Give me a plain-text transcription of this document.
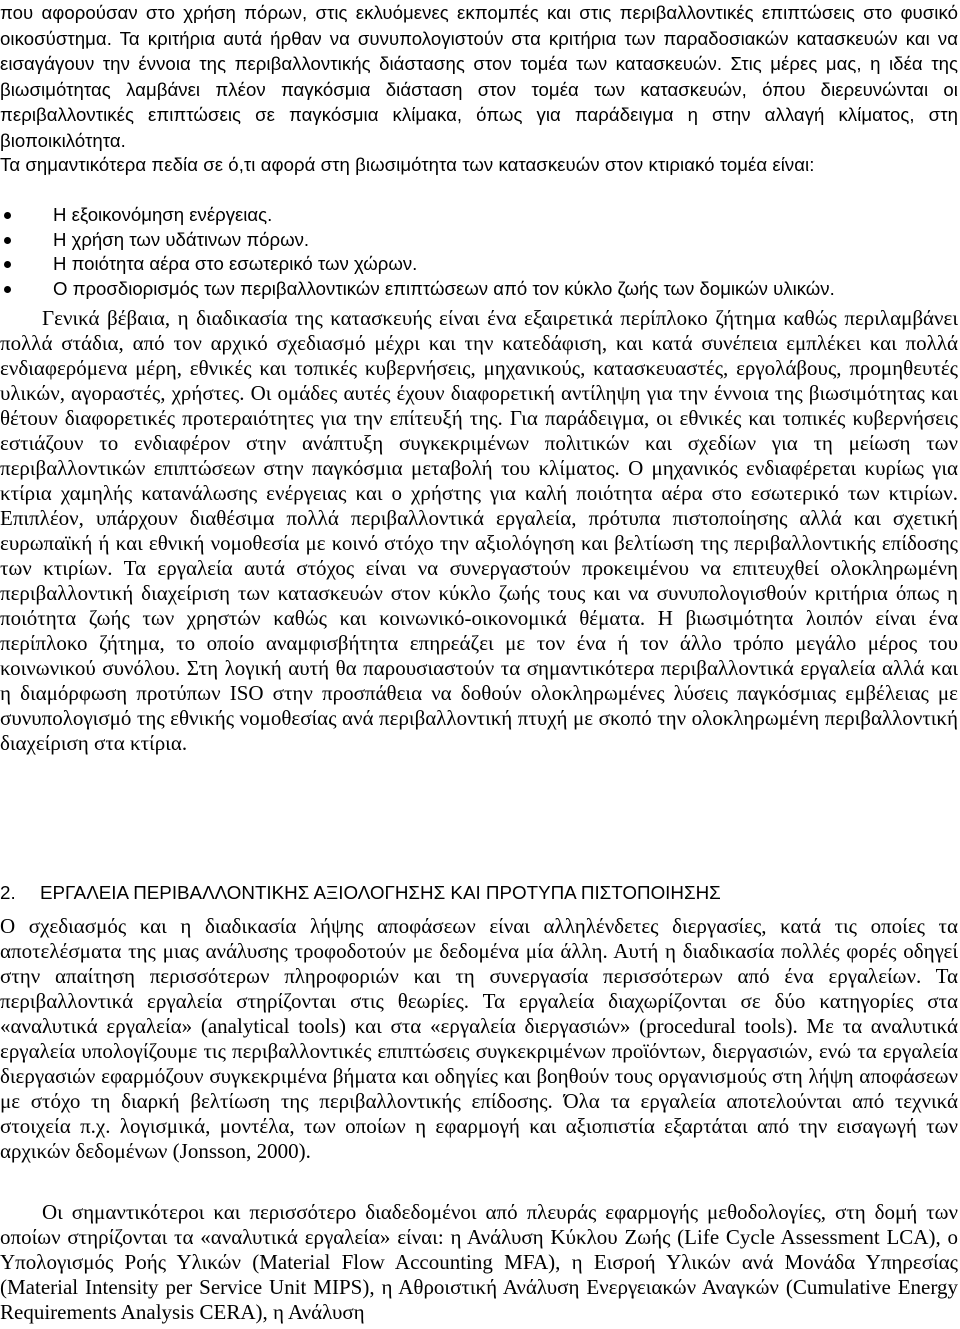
που αφορούσαν στο χρήση πόρων, στις εκλυόμενες εκπομπές και στις περιβαλλοντικές επιπτώσεις στο φυσικό οικοσύστημα. Τα κριτήρια αυτά ήρθαν να συνυπολογιστούν στα κριτήρια των παραδοσιακών κατασκευών και να εισαγάγουν την έννοια της περιβαλλοντικής διάστασης στον τομέα των κατασκευών. Στις μέρες μας, η ιδέα της βιωσιμότητας λαμβάνει πλέον παγκόσμια διάσταση στον τομέα των κατασκευών, όπου διερευνώνται οι περιβαλλοντικές επιπτώσεις σε παγκόσμια κλίμακα, όπως για παράδειγμα η στην αλλαγή κλίματος, στη βιοποικιλότητα.

Τα σημαντικότερα πεδία σε ό,τι αφορά στη βιωσιμότητα των κατασκευών στον κτιριακό τομέα είναι:

Η εξοικονόμηση ενέργειας.
Η χρήση των υδάτινων πόρων.
Η ποιότητα αέρα στο εσωτερικό των χώρων.
Ο προσδιορισμός των περιβαλλοντικών επιπτώσεων από τον κύκλο ζωής των δομικών υλικών.

Γενικά βέβαια, η διαδικασία της κατασκευής είναι ένα εξαιρετικά περίπλοκο ζήτημα καθώς περιλαμβάνει πολλά στάδια, από τον αρχικό σχεδιασμό μέχρι και την κατεδάφιση, και κατά συνέπεια εμπλέκει και πολλά ενδιαφερόμενα μέρη, εθνικές και τοπικές κυβερνήσεις, μηχανικούς, κατασκευαστές, εργολάβους, προμηθευτές υλικών, αγοραστές, χρήστες. Οι ομάδες αυτές έχουν διαφορετική αντίληψη για την έννοια της βιωσιμότητας και θέτουν διαφορετικές προτεραιότητες για την επίτευξή της. Για παράδειγμα, οι εθνικές και τοπικές κυβερνήσεις εστιάζουν το ενδιαφέρον στην ανάπτυξη συγκεκριμένων πολιτικών και σχεδίων για τη μείωση των περιβαλλοντικών επιπτώσεων στην παγκόσμια μεταβολή του κλίματος. Ο μηχανικός ενδιαφέρεται κυρίως για κτίρια χαμηλής κατανάλωσης ενέργειας και ο χρήστης για καλή ποιότητα αέρα στο εσωτερικό των κτιρίων. Επιπλέον, υπάρχουν διαθέσιμα πολλά περιβαλλοντικά εργαλεία, πρότυπα πιστοποίησης αλλά και σχετική ευρωπαϊκή ή και εθνική νομοθεσία με κοινό στόχο την αξιολόγηση και βελτίωση της περιβαλλοντικής επίδοσης των κτιρίων. Τα εργαλεία αυτά στόχος είναι να συνεργαστούν προκειμένου να επιτευχθεί ολοκληρωμένη περιβαλλοντική διαχείριση των κατασκευών στον κύκλο ζωής τους και να συνυπολογισθούν κριτήρια όπως η ποιότητα ζωής των χρηστών καθώς και κοινωνικό-οικονομικά θέματα. Η βιωσιμότητα λοιπόν είναι ένα περίπλοκο ζήτημα, το οποίο αναμφισβήτητα επηρεάζει με τον ένα ή τον άλλο τρόπο μεγάλο μέρος του κοινωνικού συνόλου. Στη λογική αυτή θα παρουσιαστούν τα σημαντικότερα περιβαλλοντικά εργαλεία αλλά και η διαμόρφωση προτύπων ISO στην προσπάθεια να δοθούν ολοκληρωμένες λύσεις παγκόσμιας εμβέλειας με συνυπολογισμό της εθνικής νομοθεσίας ανά περιβαλλοντική πτυχή με σκοπό την ολοκληρωμένη περιβαλλοντική διαχείριση στα κτίρια.

2. ΕΡΓΑΛΕΙΑ ΠΕΡΙΒΑΛΛΟΝΤΙΚΗΣ ΑΞΙΟΛΟΓΗΣΗΣ ΚΑΙ ΠΡΟΤΥΠΑ ΠΙΣΤΟΠΟΙΗΣΗΣ

Ο σχεδιασμός και η διαδικασία λήψης αποφάσεων είναι αλληλένδετες διεργασίες, κατά τις οποίες τα αποτελέσματα της μιας ανάλυσης τροφοδοτούν με δεδομένα μία άλλη. Αυτή η διαδικασία πολλές φορές οδηγεί στην απαίτηση περισσότερων πληροφοριών και τη συνεργασία περισσότερων από ένα εργαλείων. Τα περιβαλλοντικά εργαλεία στηρίζονται στις θεωρίες. Τα εργαλεία διαχωρίζονται σε δύο κατηγορίες στα «αναλυτικά εργαλεία» (analytical tools) και στα «εργαλεία διεργασιών» (procedural tools). Με τα αναλυτικά εργαλεία υπολογίζουμε τις περιβαλλοντικές επιπτώσεις συγκεκριμένων προϊόντων, διεργασιών, ενώ τα εργαλεία διεργασιών εφαρμόζουν συγκεκριμένα βήματα και οδηγίες και βοηθούν τους οργανισμούς στη λήψη αποφάσεων με στόχο τη διαρκή βελτίωση της περιβαλλοντικής επίδοσης. Όλα τα εργαλεία αποτελούνται από τεχνικά στοιχεία π.χ. λογισμικά, μοντέλα, των οποίων η εφαρμογή και αξιοπιστία εξαρτάται από την εισαγωγή των αρχικών δεδομένων (Jonsson, 2000).

Οι σημαντικότεροι και περισσότερο διαδεδομένοι από πλευράς εφαρμογής μεθοδολογίες, στη δομή των οποίων στηρίζονται τα «αναλυτικά εργαλεία» είναι: η Ανάλυση Κύκλου Ζωής (Life Cycle Assessment LCA), ο Υπολογισμός Ροής Υλικών (Material Flow Accounting MFA), η Εισροή Υλικών ανά Μονάδα Υπηρεσίας (Material Intensity per Service Unit MIPS), η Αθροιστική Ανάλυση Ενεργειακών Αναγκών (Cumulative Energy Requirements Analysis CERA), η Ανάλυση
